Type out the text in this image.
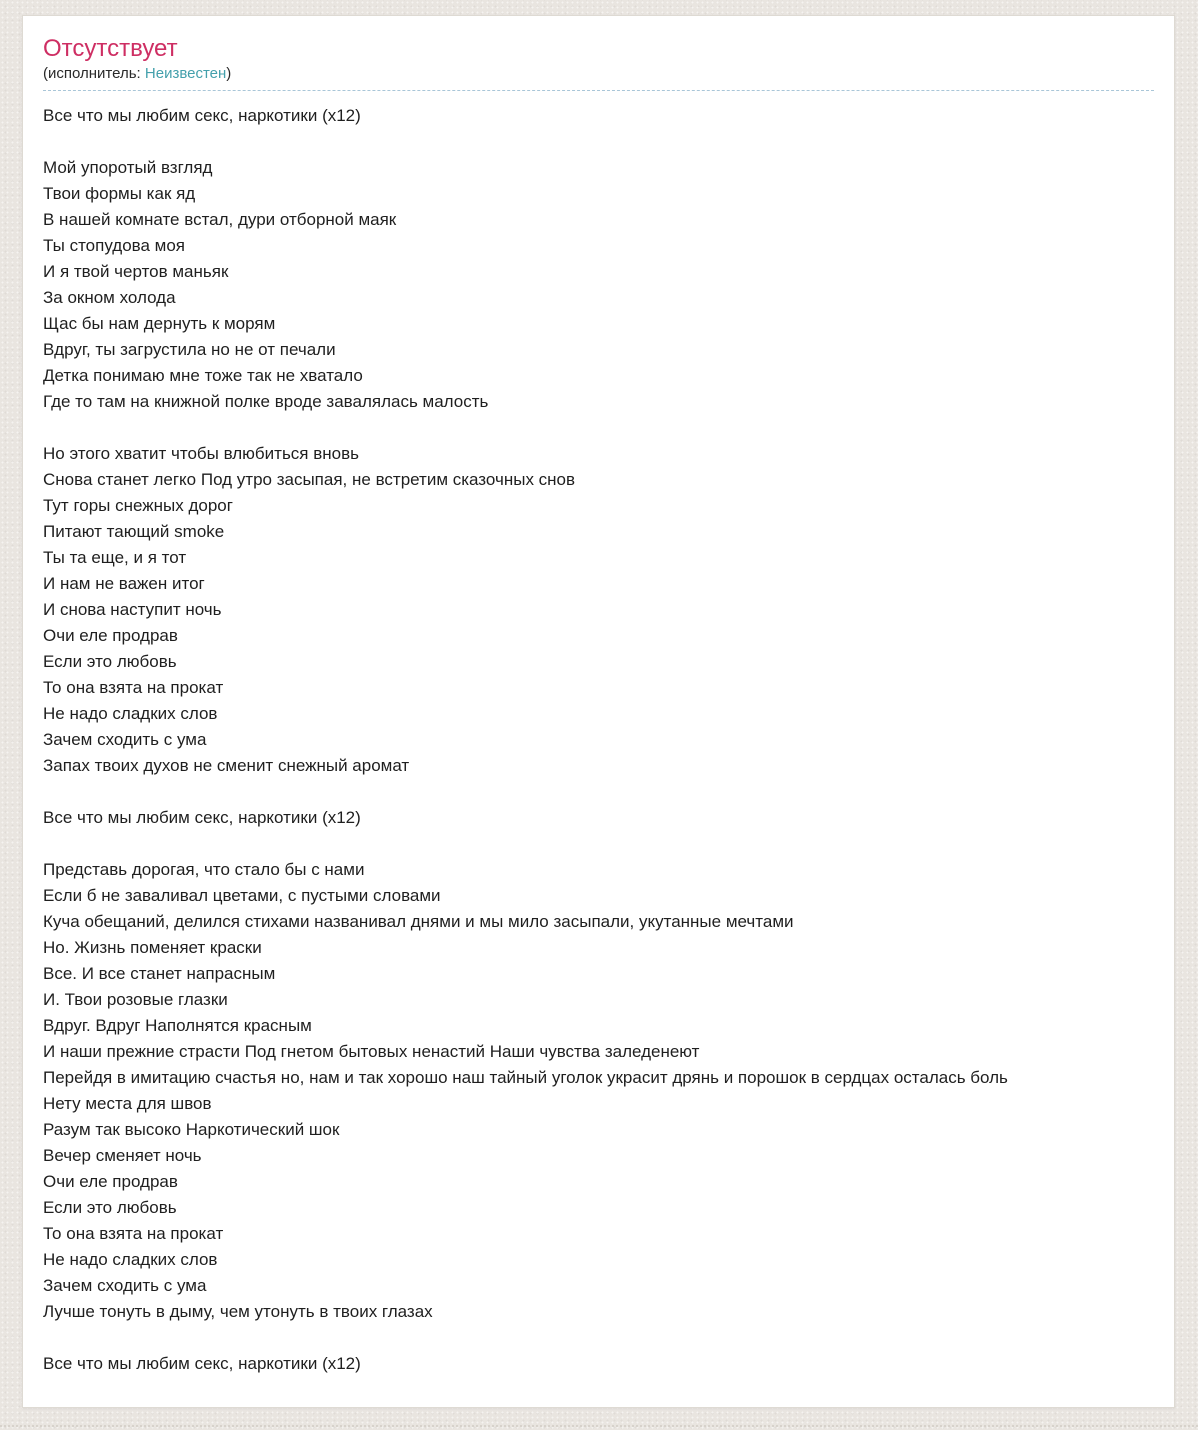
Отсутствует
(исполнитель: Неизвестен)
Все что мы любим секс, наркотики (х12)

Мой упоротый взгляд
Твои формы как яд
В нашей комнате встал, дури отборной маяк
Ты стопудова моя
И я твой чертов маньяк
За окном холода
Щас бы нам дернуть к морям
Вдруг, ты загрустила но не от печали
Детка понимаю мне тоже так не хватало
Где то там на книжной полке вроде завалялась малость

Но этого хватит чтобы влюбиться вновь
Снова станет легко Под утро засыпая, не встретим сказочных снов
Тут горы снежных дорог
Питают тающий smoke
Ты та еще, и я тот
И нам не важен итог
И снова наступит ночь
Очи еле продрав
Если это любовь
То она взята на прокат
Не надо сладких слов
Зачем сходить с ума
Запах твоих духов не сменит снежный аромат

Все что мы любим секс, наркотики (х12)

Представь дорогая, что стало бы с нами
Если б не заваливал цветами, с пустыми словами
Куча обещаний, делился стихами названивал днями и мы мило засыпали, укутанные мечтами
Но. Жизнь поменяет краски
Все. И все станет напрасным
И. Твои розовые глазки
Вдруг. Вдруг Наполнятся красным
И наши прежние страсти Под гнетом бытовых ненастий Наши чувства заледенеют
Перейдя в имитацию счастья но, нам и так хорошо наш тайный уголок украсит дрянь и порошок в сердцах осталась боль
Нету места для швов
Разум так высоко Наркотический шок
Вечер сменяет ночь
Очи еле продрав
Если это любовь
То она взята на прокат
Не надо сладких слов
Зачем сходить с ума
Лучше тонуть в дыму, чем утонуть в твоих глазах

Все что мы любим секс, наркотики (х12)
